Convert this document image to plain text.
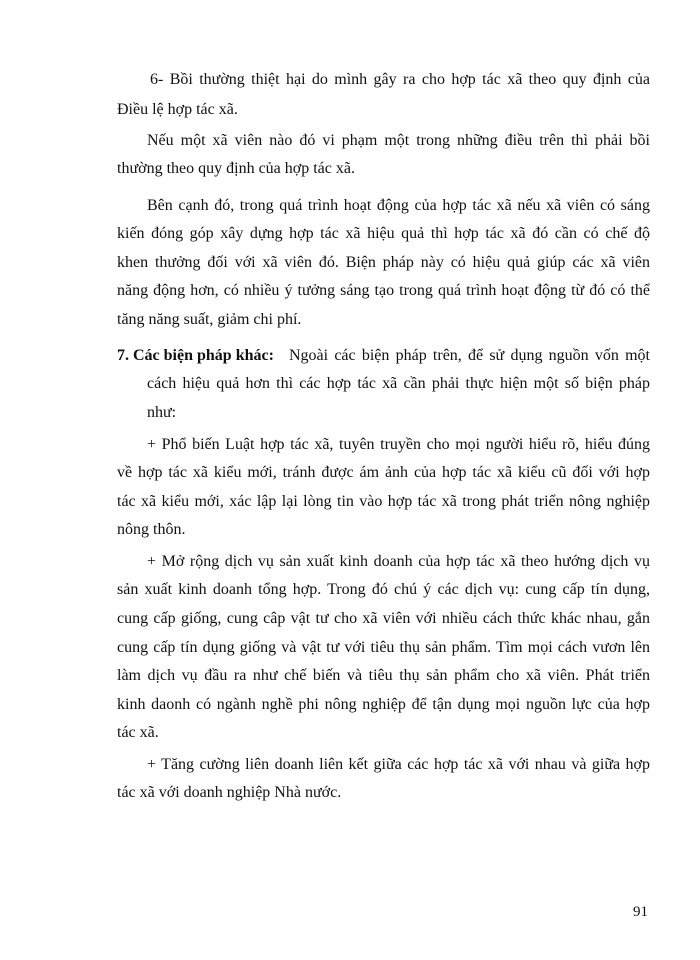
6- Bồi thường thiệt hại do mình gây ra cho hợp tác xã theo quy định của
Điều lệ hợp tác xã.
Nếu một xã viên nào đó vi phạm một trong những điều trên thì phải bồi
thường theo quy định của hợp tác xã.
Bên cạnh đó, trong quá trình hoạt động của hợp tác xã nếu xã viên có sáng
kiến đóng góp xây dựng hợp tác xã hiệu quả thì hợp tác xã đó cần có chế độ
khen thưởng đối với xã viên đó. Biện pháp này có hiệu quả giúp các xã viên
năng động hơn, có nhiều ý tưởng sáng tạo trong quá trình hoạt động từ đó có thể
tăng năng suất, giảm chi phí.
7. Các biện pháp khác: Ngoài các biện pháp trên, để sử dụng nguồn vốn một
cách hiệu quả hơn thì các hợp tác xã cần phải thực hiện một số biện pháp
như:
+ Phổ biến Luật hợp tác xã, tuyên truyền cho mọi người hiểu rõ, hiểu đúng
về hợp tác xã kiểu mới, tránh được ám ảnh của hợp tác xã kiểu cũ đối với hợp
tác xã kiểu mới, xác lập lại lòng tin vào hợp tác xã trong phát triển nông nghiệp
nông thôn.
+ Mở rộng dịch vụ sản xuất kinh doanh của hợp tác xã theo hướng dịch vụ
sản xuất kinh doanh tổng hợp. Trong đó chú ý các dịch vụ: cung cấp tín dụng,
cung cấp giống, cung câp vật tư cho xã viên với nhiều cách thức khác nhau, gắn
cung cấp tín dụng giống và vật tư với tiêu thụ sản phẩm. Tìm mọi cách vươn lên
làm dịch vụ đầu ra như chế biến và tiêu thụ sản phẩm cho xã viên. Phát triển
kinh daonh có ngành nghề phi nông nghiệp để tận dụng mọi nguồn lực của hợp
tác xã.
+ Tăng cường liên doanh liên kết giữa các hợp tác xã với nhau và giữa hợp
tác xã với doanh nghiệp Nhà nước.
91
